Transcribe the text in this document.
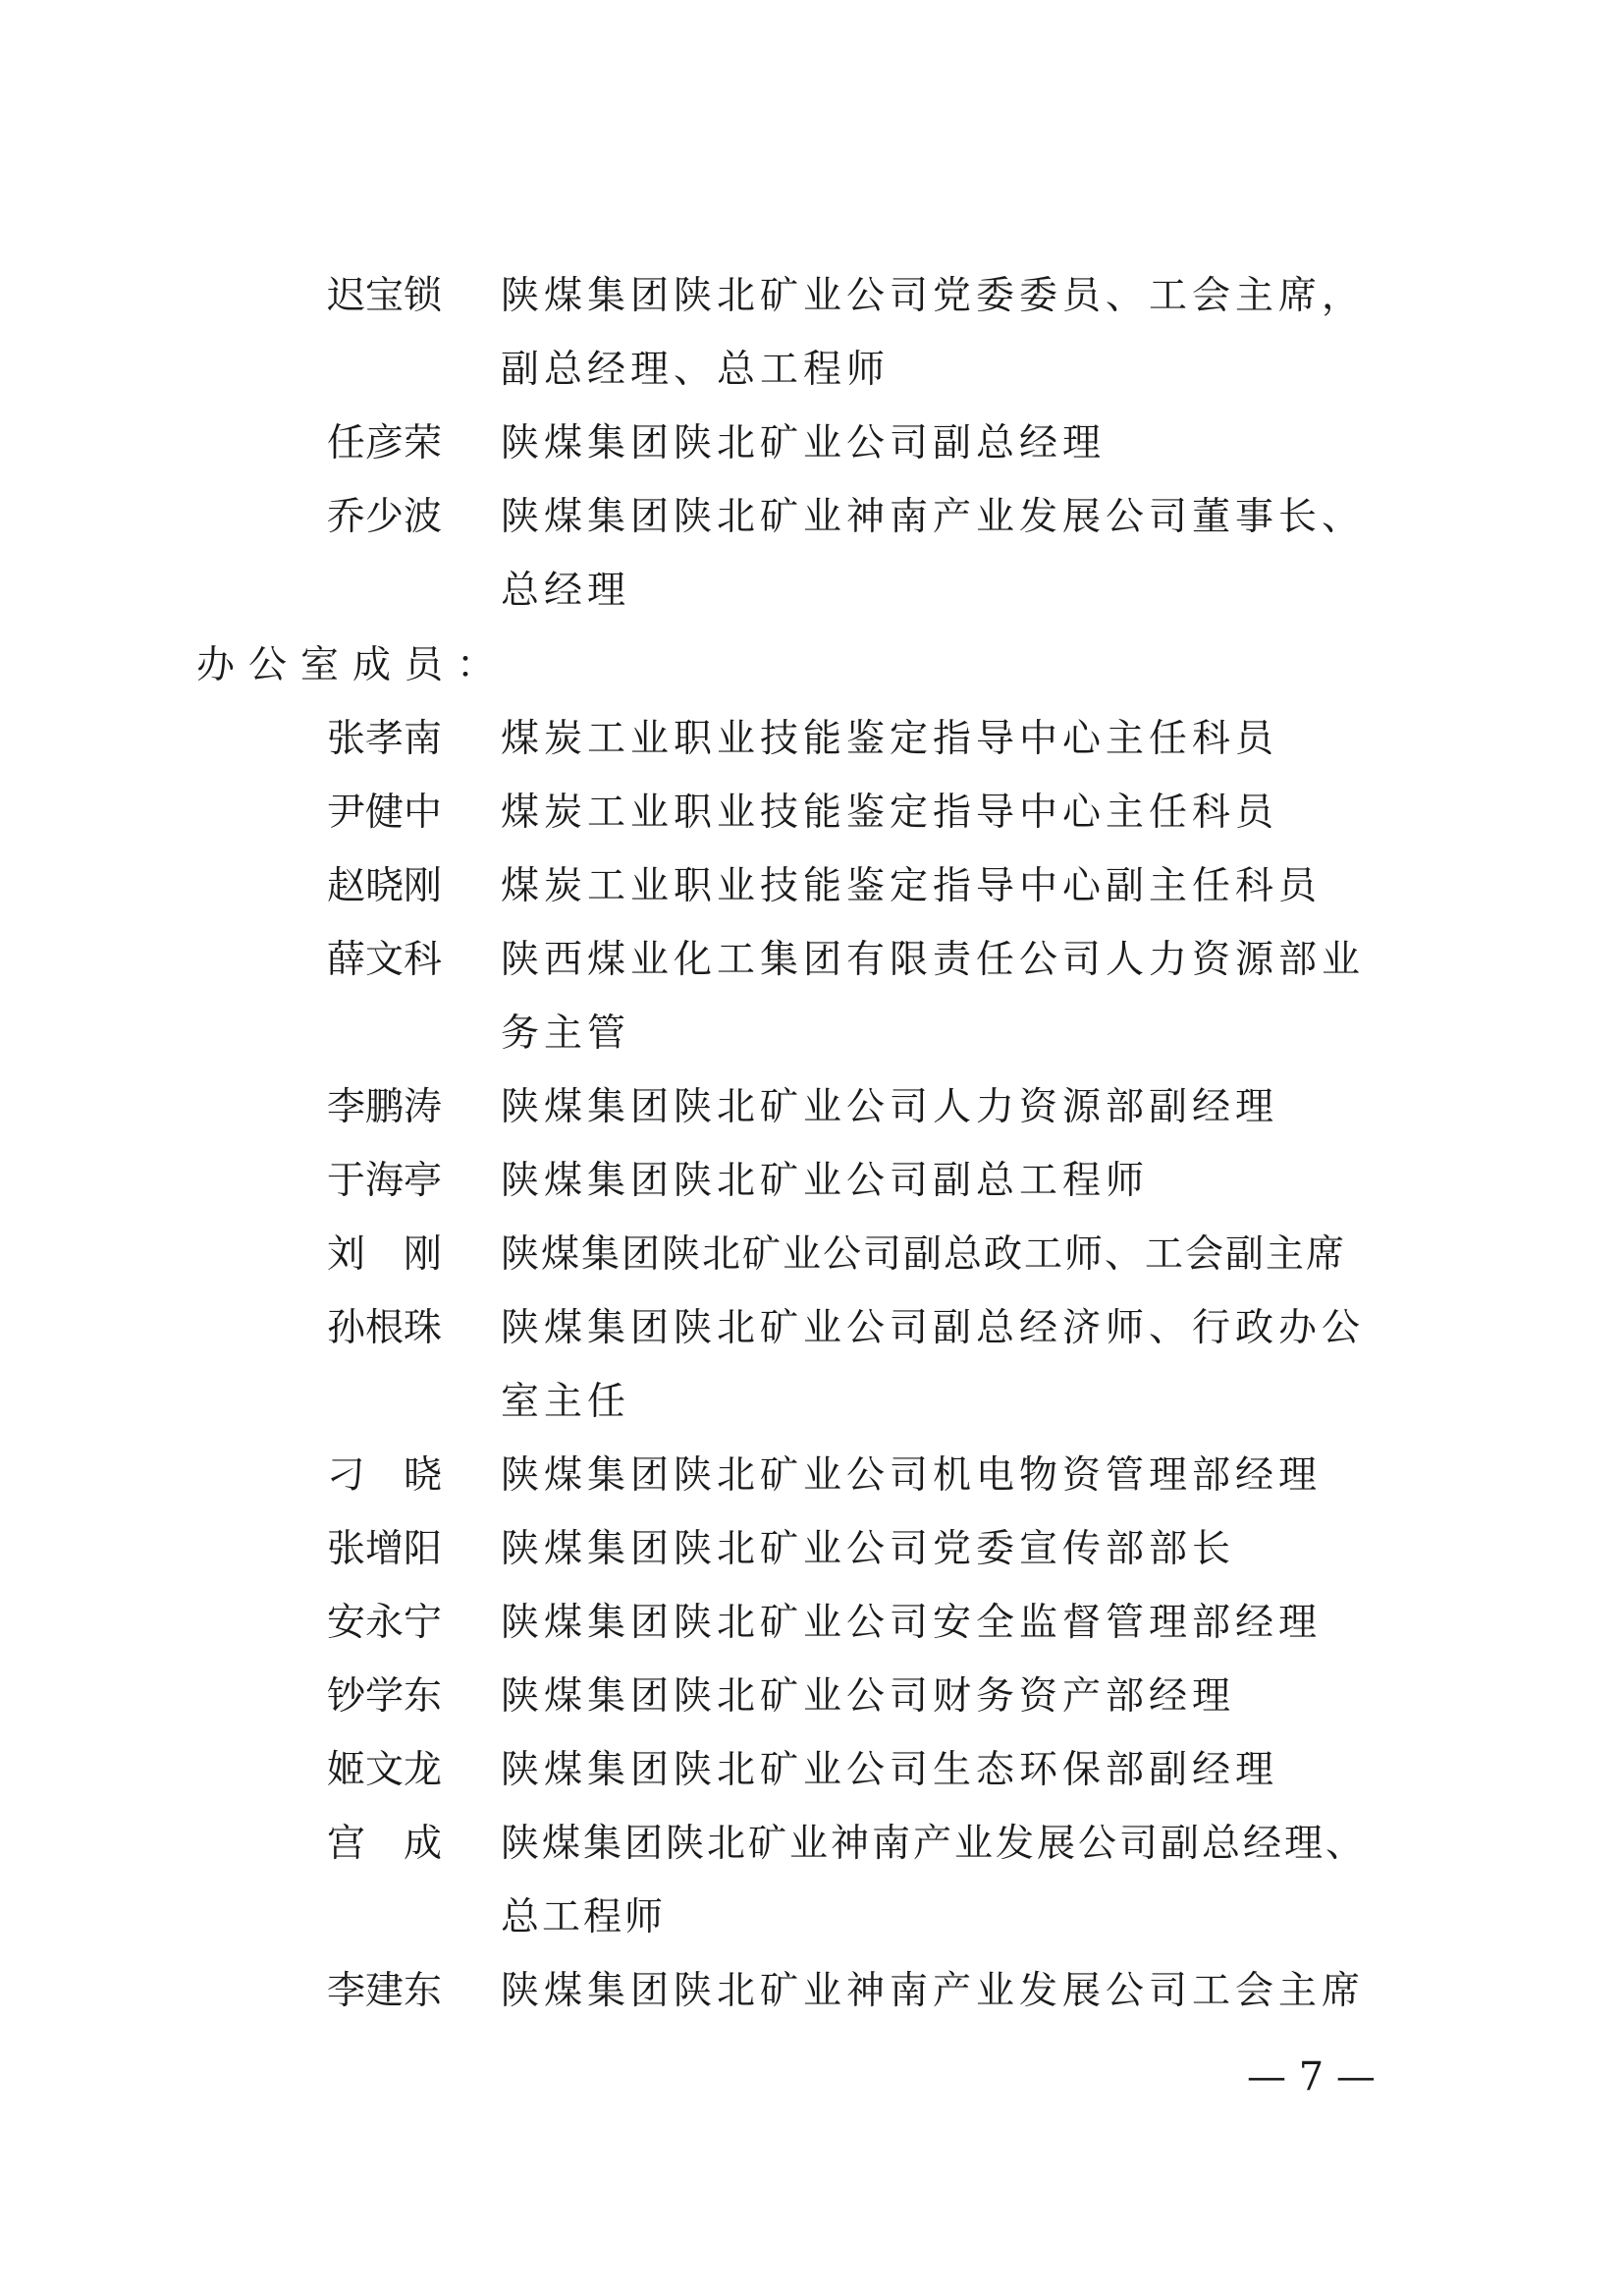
迟宝锁 陕煤集团陕北矿业公司党委委员、工会主席，
副总经理、总工程师
任彦荣 陕煤集团陕北矿业公司副总经理
乔少波 陕煤集团陕北矿业神南产业发展公司董事长、
总经理
办公室成员：
张孝南 煤炭工业职业技能鉴定指导中心主任科员
尹健中 煤炭工业职业技能鉴定指导中心主任科员
赵晓刚 煤炭工业职业技能鉴定指导中心副主任科员
薛文科 陕西煤业化工集团有限责任公司人力资源部业
务主管
李鹏涛 陕煤集团陕北矿业公司人力资源部副经理
于海亭 陕煤集团陕北矿业公司副总工程师
刘　刚 陕煤集团陕北矿业公司副总政工师、工会副主席
孙根珠 陕煤集团陕北矿业公司副总经济师、行政办公
室主任
刁　晓 陕煤集团陕北矿业公司机电物资管理部经理
张增阳 陕煤集团陕北矿业公司党委宣传部部长
安永宁 陕煤集团陕北矿业公司安全监督管理部经理
钞学东 陕煤集团陕北矿业公司财务资产部经理
姬文龙 陕煤集团陕北矿业公司生态环保部副经理
宫　成 陕煤集团陕北矿业神南产业发展公司副总经理、
总工程师
李建东 陕煤集团陕北矿业神南产业发展公司工会主席
— 7 —
